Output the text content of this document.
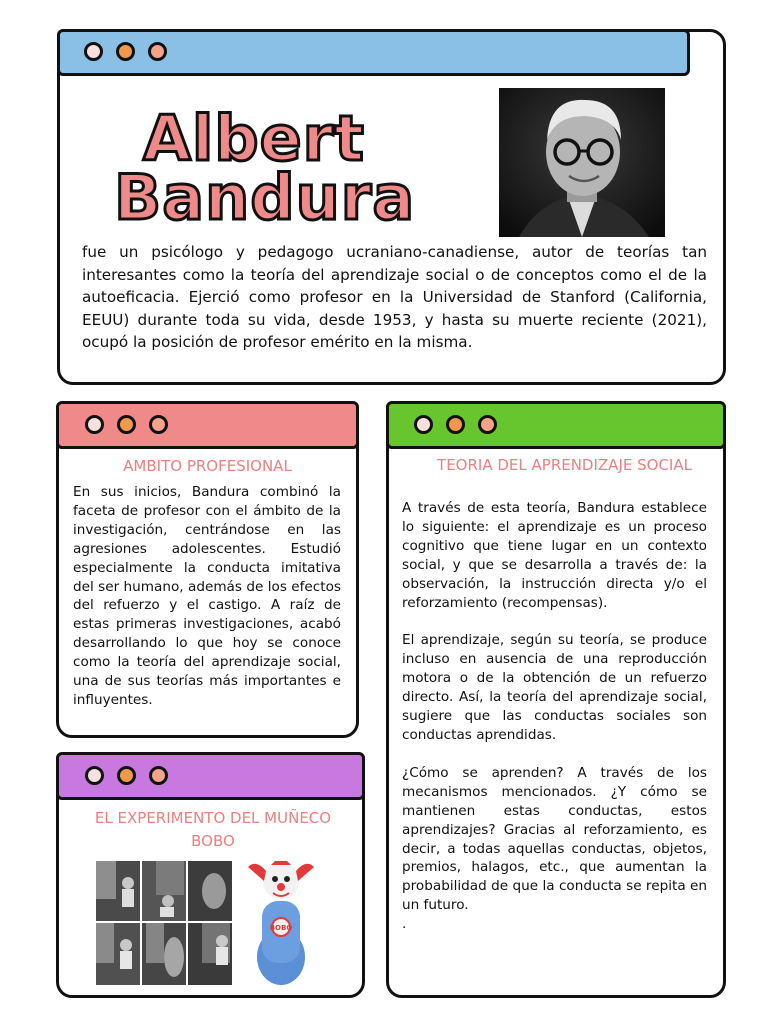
Albert
Bandura

fue un psicólogo y pedagogo ucraniano-canadiense, autor de teorías tan interesantes como la teoría del aprendizaje social o de conceptos como el de la autoeficacia. Ejerció como profesor en la Universidad de Stanford (California, EEUU) durante toda su vida, desde 1953, y hasta su muerte reciente (2021), ocupó la posición de profesor emérito en la misma.

AMBITO PROFESIONAL

En sus inicios, Bandura combinó la faceta de profesor con el ámbito de la investigación, centrándose en las agresiones adolescentes. Estudió especialmente la conducta imitativa del ser humano, además de los efectos del refuerzo y el castigo. A raíz de estas primeras investigaciones, acabó desarrollando lo que hoy se conoce como la teoría del aprendizaje social, una de sus teorías más importantes e influyentes.

TEORIA DEL APRENDIZAJE SOCIAL

A través de esta teoría, Bandura establece lo siguiente: el aprendizaje es un proceso cognitivo que tiene lugar en un contexto social, y que se desarrolla a través de: la observación, la instrucción directa y/o el reforzamiento (recompensas).

El aprendizaje, según su teoría, se produce incluso en ausencia de una reproducción motora o de la obtención de un refuerzo directo. Así, la teoría del aprendizaje social, sugiere que las conductas sociales son conductas aprendidas.

¿Cómo se aprenden? A través de los mecanismos mencionados. ¿Y cómo se mantienen estas conductas, estos aprendizajes? Gracias al reforzamiento, es decir, a todas aquellas conductas, objetos, premios, halagos, etc., que aumentan la probabilidad de que la conducta se repita en un futuro.

.

EL EXPERIMENTO DEL MUÑECO BOBO
BOBO
